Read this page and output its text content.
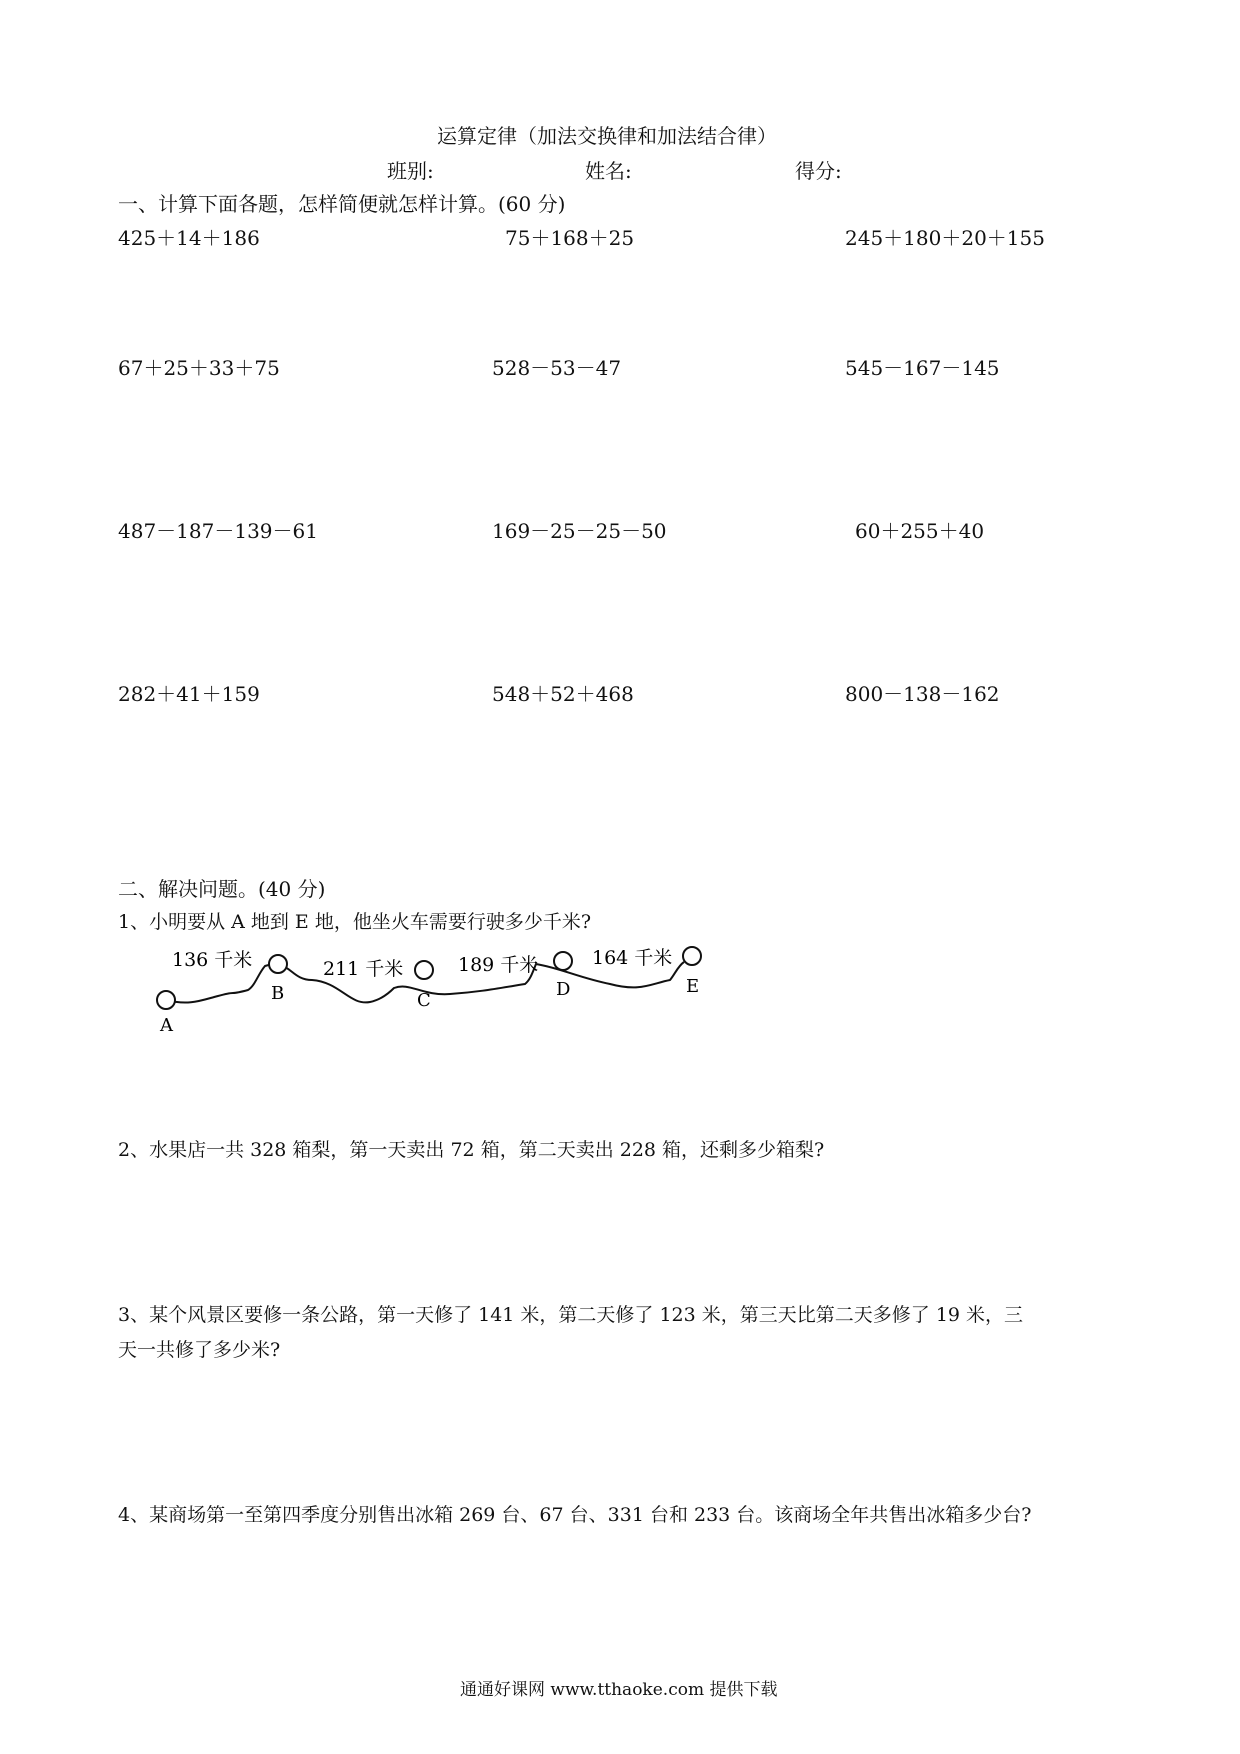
运算定律（加法交换律和加法结合律）
班别:	姓名:	得分:
一、计算下面各题，怎样简便就怎样计算。(60 分)
425＋14＋186	75＋168＋25	245＋180＋20＋155
67＋25＋33＋75	528－53－47	545－167－145
487－187－139－61	169－25－25－50	60＋255＋40
282＋41＋159	548＋52＋468	800－138－162
二、解决问题。(40 分)
1、小明要从 A 地到 E 地，他坐火车需要行驶多少千米?
A
B	C
D	E
136 千米	211 千米	189 千米	164 千米
2、水果店一共 328 箱梨，第一天卖出 72 箱，第二天卖出 228 箱，还剩多少箱梨?
3、某个风景区要修一条公路，第一天修了 141 米，第二天修了 123 米，第三天比第二天多修了 19 米，三
天一共修了多少米?
4、某商场第一至第四季度分别售出冰箱 269 台、67 台、331 台和 233 台。该商场全年共售出冰箱多少台?
通通好课网 www.tthaoke.com 提供下载
